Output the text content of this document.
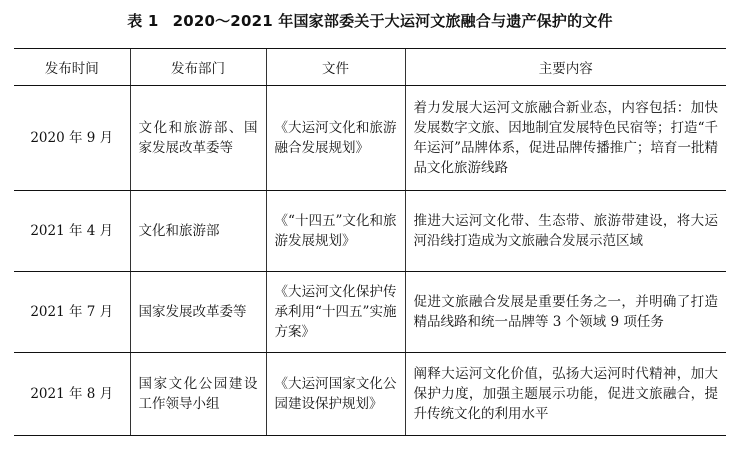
表 1 2020～2021 年国家部委关于大运河文旅融合与遗产保护的文件
发布时间	发布部门	文件	主要内容
2020 年 9 月	文化和旅游部、国家发展改革委等	《大运河文化和旅游融合发展规划》	着力发展大运河文旅融合新业态，内容包括：加快发展数字文旅、因地制宜发展特色民宿等；打造“千年运河”品牌体系，促进品牌传播推广；培育一批精品文化旅游线路
2021 年 4 月	文化和旅游部	《“十四五”文化和旅游发展规划》	推进大运河文化带、生态带、旅游带建设，将大运河沿线打造成为文旅融合发展示范区域
2021 年 7 月	国家发展改革委等	《大运河文化保护传承利用“十四五”实施方案》	促进文旅融合发展是重要任务之一，并明确了打造精品线路和统一品牌等 3 个领域 9 项任务
2021 年 8 月	国家文化公园建设工作领导小组	《大运河国家文化公园建设保护规划》	阐释大运河文化价值，弘扬大运河时代精神，加大保护力度，加强主题展示功能，促进文旅融合，提升传统文化的利用水平
